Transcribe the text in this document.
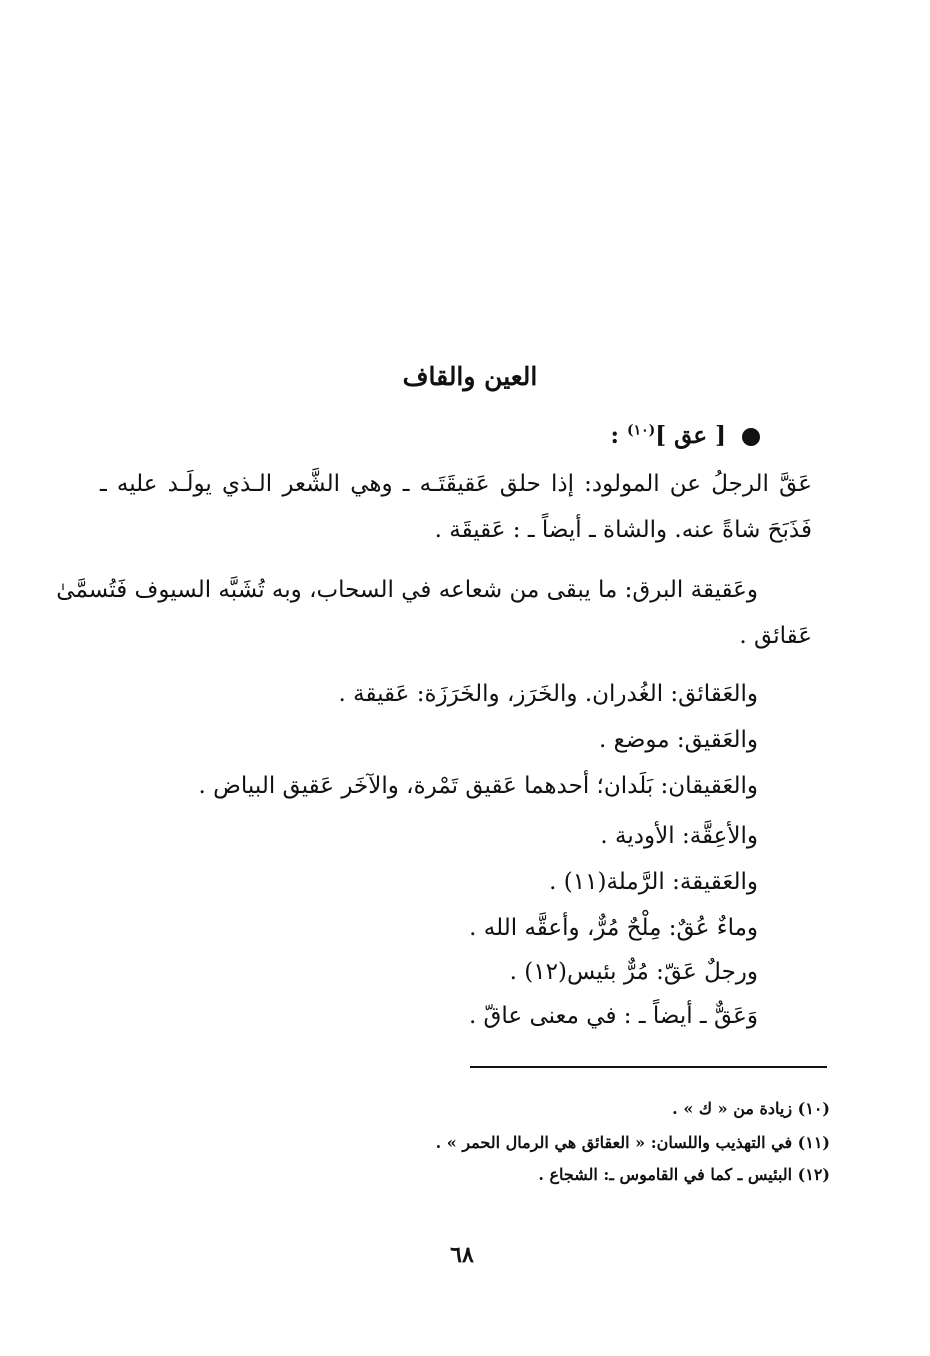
العين والقاف
[ عق ]$^{(١٠)}$ :
عَقَّ الرجلُ عن المولود: إذا حلق عَقيقَتَـه ـ وهي الشَّعر الـذي يولَـد عليه ـ
فَذَبَحَ شاةً عنه. والشاة ـ أيضاً ـ : عَقيقَة .
وعَقيقة البرق: ما يبقى من شعاعه في السحاب، وبه تُشَبَّه السيوف فَتُسمَّىٰ
عَقائق .
والعَقائق: الغُدران. والخَرَز، والخَرَزَة: عَقيقة .
والعَقيق: موضع .
والعَقيقان: بَلَدان؛ أحدهما عَقيق تَمْرة، والآخَر عَقيق البياض .
والأعِقَّة: الأودية .
والعَقيقة: الرَّملة(١١) .
وماءٌ عُقٌ: مِلْحٌ مُرٌّ، وأعقَّه الله .
ورجلٌ عَقّ: مُرٌّ بئيس(١٢) .
وَعَقٌّ ـ أيضاً ـ : في معنى عاقّ .
(١٠) زيادة من « ك » .
(١١) في التهذيب واللسان: « العقائق هي الرمال الحمر » .
(١٢) البئيس ـ كما في القاموس ـ: الشجاع .
٦٨
